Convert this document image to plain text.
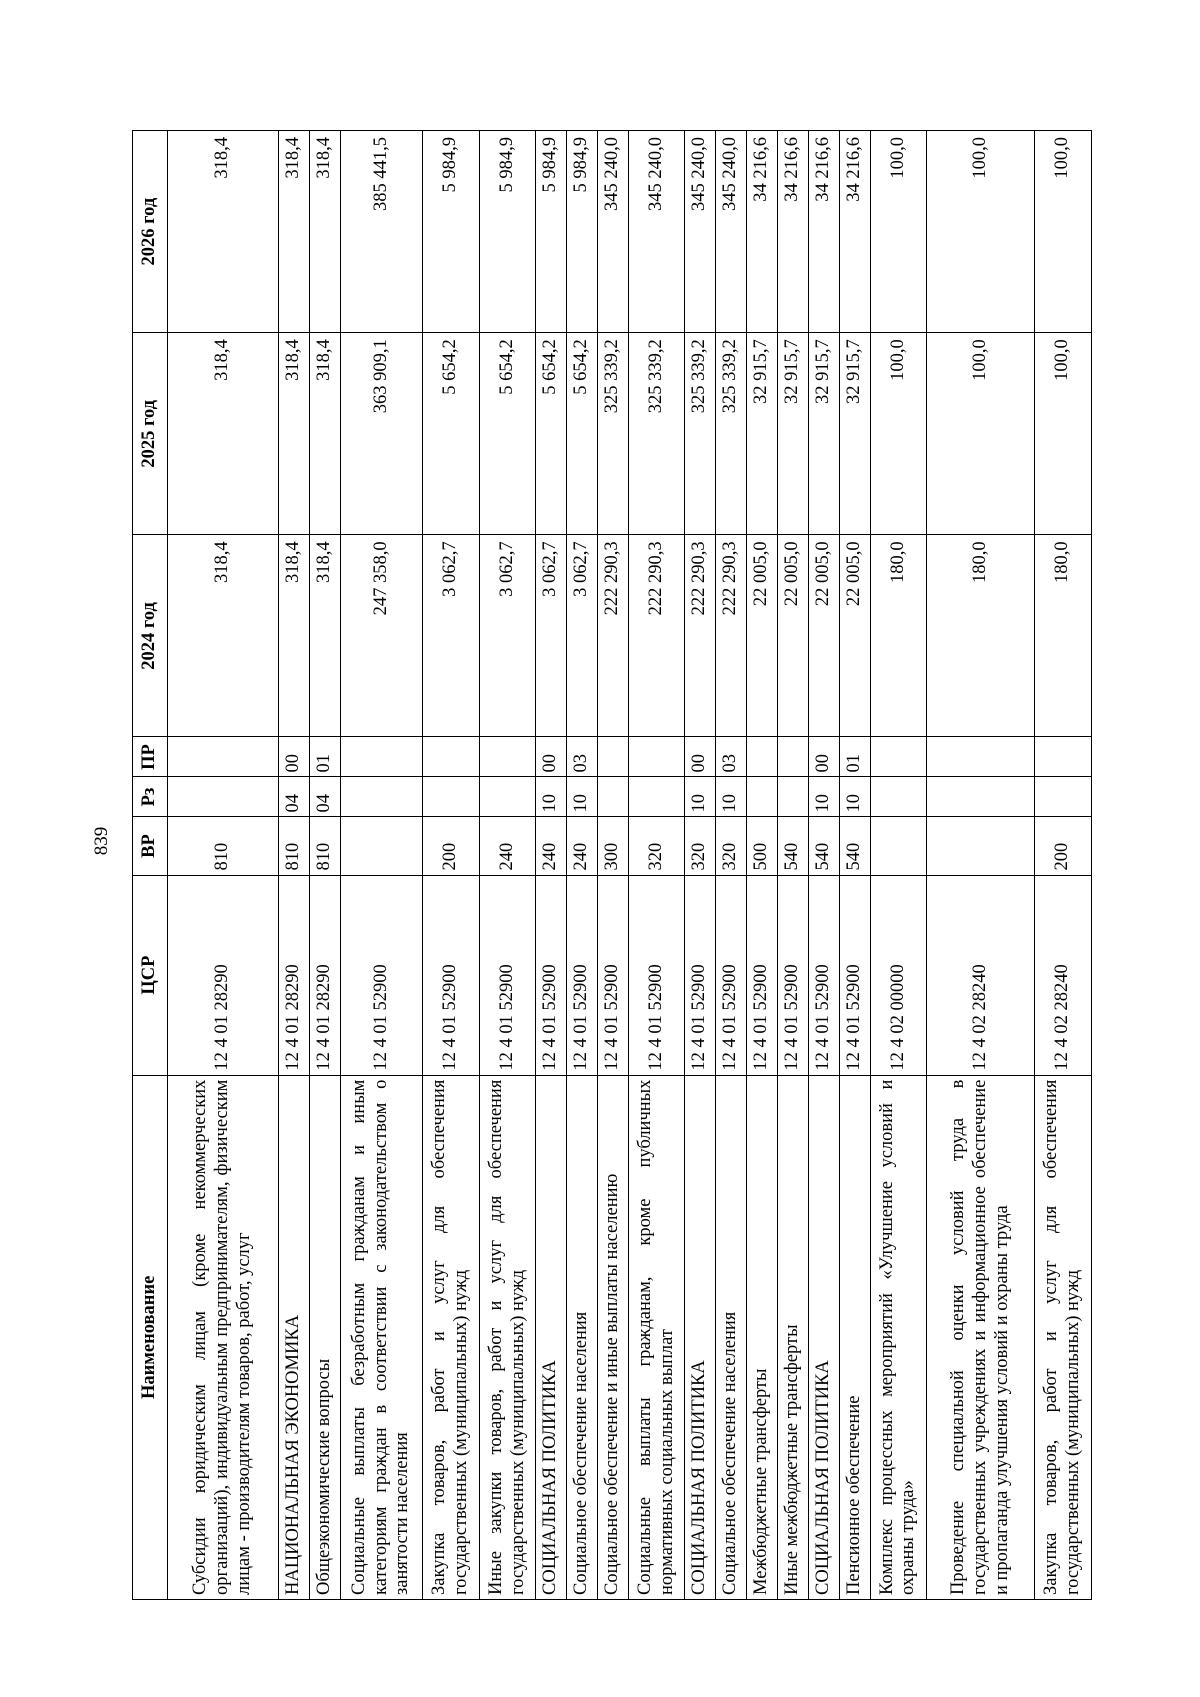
839
Наименование	ЦСР	ВР	Рз	ПР	2024 год	2025 год	2026 год
Субсидии юридическим лицам (кроме некоммерческих организаций), индивидуальным предпринимателям, физическим лицам - производителям товаров, работ, услуг	12 4 01 28290	810			318,4	318,4	318,4
НАЦИОНАЛЬНАЯ ЭКОНОМИКА	12 4 01 28290	810	04	00	318,4	318,4	318,4
Общеэкономические вопросы	12 4 01 28290	810	04	01	318,4	318,4	318,4
Социальные выплаты безработным гражданам и иным категориям граждан в соответствии с законодательством о занятости населения	12 4 01 52900				247 358,0	363 909,1	385 441,5
Закупка товаров, работ и услуг для обеспечения государственных (муниципальных) нужд	12 4 01 52900	200			3 062,7	5 654,2	5 984,9
Иные закупки товаров, работ и услуг для обеспечения государственных (муниципальных) нужд	12 4 01 52900	240			3 062,7	5 654,2	5 984,9
СОЦИАЛЬНАЯ ПОЛИТИКА	12 4 01 52900	240	10	00	3 062,7	5 654,2	5 984,9
Социальное обеспечение населения	12 4 01 52900	240	10	03	3 062,7	5 654,2	5 984,9
Социальное обеспечение и иные выплаты населению	12 4 01 52900	300			222 290,3	325 339,2	345 240,0
Социальные выплаты гражданам, кроме публичных нормативных социальных выплат	12 4 01 52900	320			222 290,3	325 339,2	345 240,0
СОЦИАЛЬНАЯ ПОЛИТИКА	12 4 01 52900	320	10	00	222 290,3	325 339,2	345 240,0
Социальное обеспечение населения	12 4 01 52900	320	10	03	222 290,3	325 339,2	345 240,0
Межбюджетные трансферты	12 4 01 52900	500			22 005,0	32 915,7	34 216,6
Иные межбюджетные трансферты	12 4 01 52900	540			22 005,0	32 915,7	34 216,6
СОЦИАЛЬНАЯ ПОЛИТИКА	12 4 01 52900	540	10	00	22 005,0	32 915,7	34 216,6
Пенсионное обеспечение	12 4 01 52900	540	10	01	22 005,0	32 915,7	34 216,6
Комплекс процессных мероприятий «Улучшение условий и охраны труда»	12 4 02 00000				180,0	100,0	100,0
Проведение специальной оценки условий труда в государственных учреждениях и информационное обеспечение и пропаганда улучшения условий и охраны труда	12 4 02 28240				180,0	100,0	100,0
Закупка товаров, работ и услуг для обеспечения государственных (муниципальных) нужд	12 4 02 28240	200			180,0	100,0	100,0
